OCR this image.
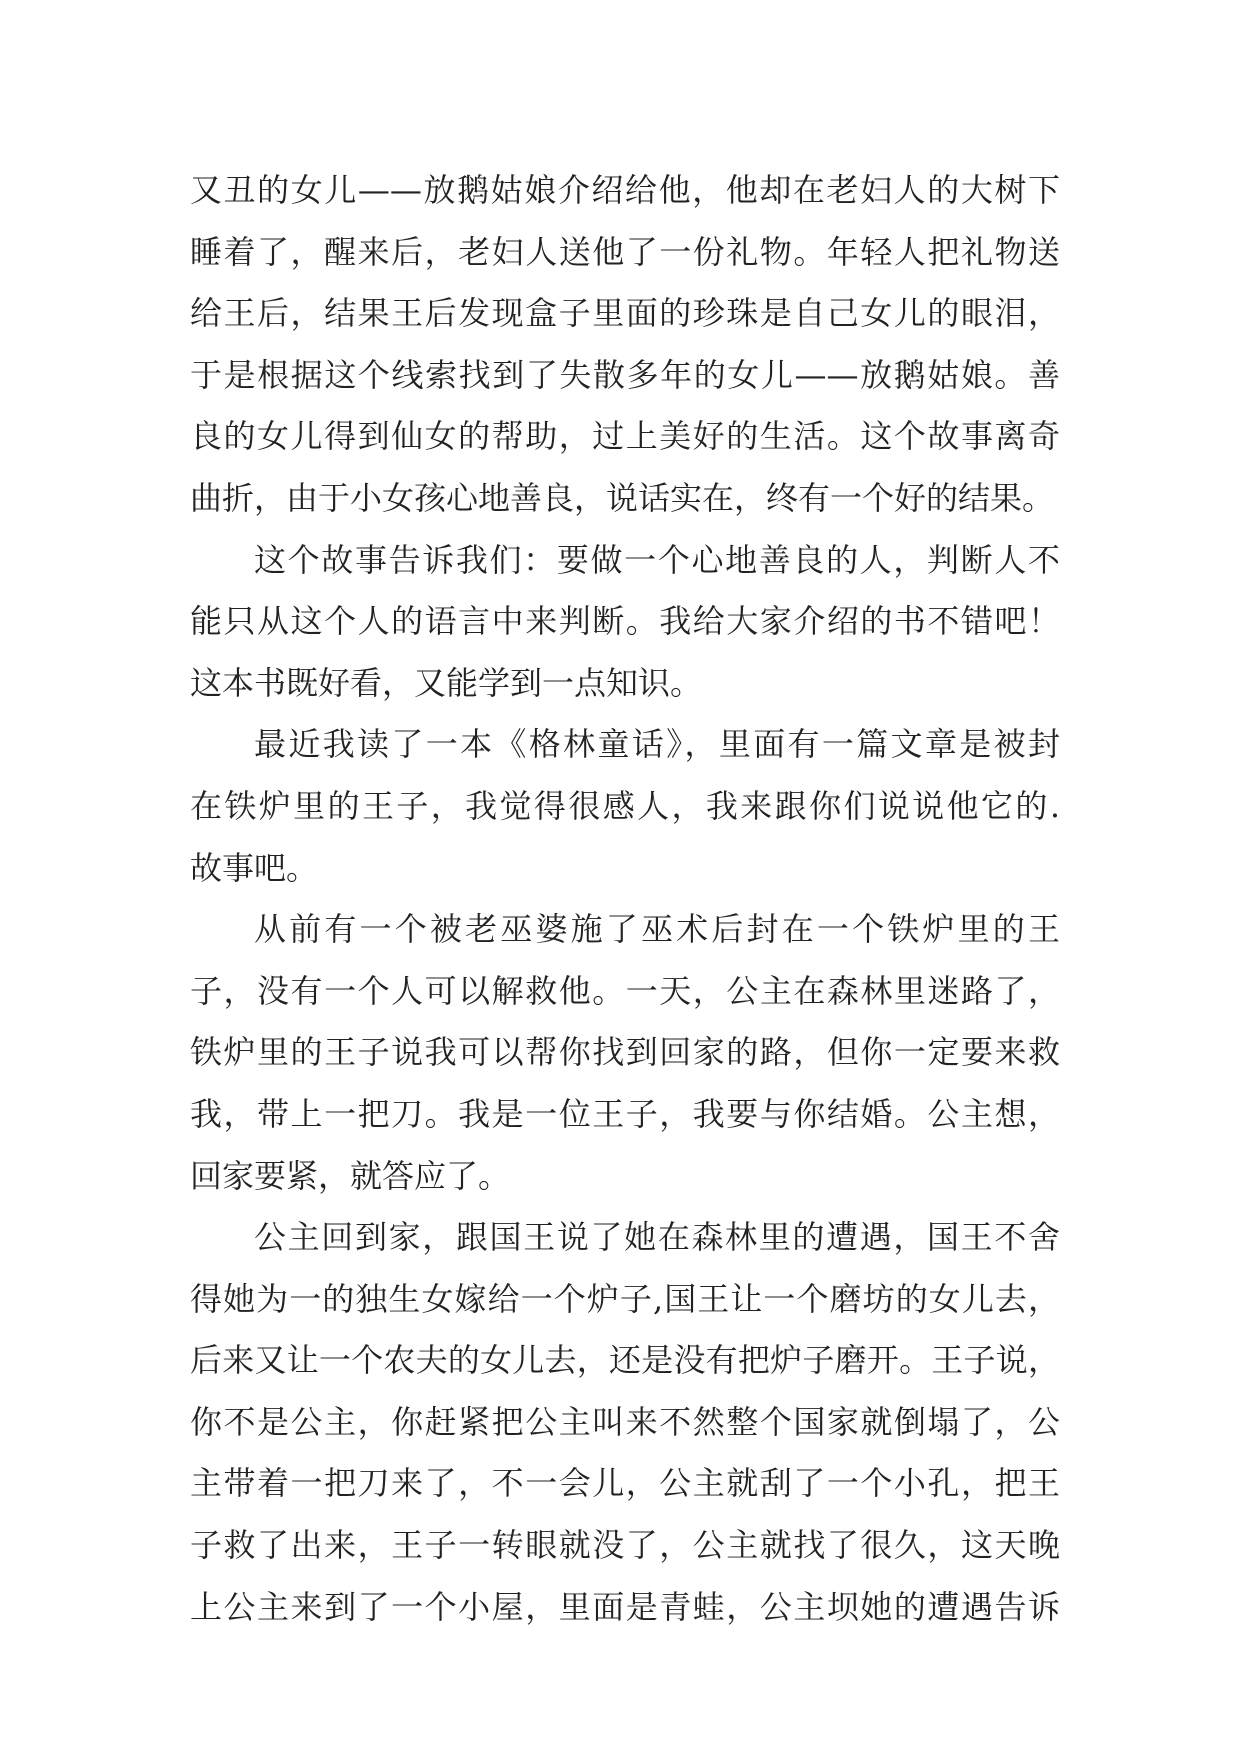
又丑的女儿——放鹅姑娘介绍给他，他却在老妇人的大树下
睡着了，醒来后，老妇人送他了一份礼物。年轻人把礼物送
给王后，结果王后发现盒子里面的珍珠是自己女儿的眼泪，
于是根据这个线索找到了失散多年的女儿——放鹅姑娘。善
良的女儿得到仙女的帮助，过上美好的生活。这个故事离奇
曲折，由于小女孩心地善良，说话实在，终有一个好的结果。
这个故事告诉我们：要做一个心地善良的人，判断人不
能只从这个人的语言中来判断。我给大家介绍的书不错吧！
这本书既好看，又能学到一点知识。
最近我读了一本《格林童话》，里面有一篇文章是被封
在铁炉里的王子，我觉得很感人，我来跟你们说说他它的.
故事吧。
从前有一个被老巫婆施了巫术后封在一个铁炉里的王
子，没有一个人可以解救他。一天，公主在森林里迷路了，
铁炉里的王子说我可以帮你找到回家的路，但你一定要来救
我，带上一把刀。我是一位王子，我要与你结婚。公主想，
回家要紧，就答应了。
公主回到家，跟国王说了她在森林里的遭遇，国王不舍
得她为一的独生女嫁给一个炉子,国王让一个磨坊的女儿去，
后来又让一个农夫的女儿去，还是没有把炉子磨开。王子说，
你不是公主，你赶紧把公主叫来不然整个国家就倒塌了，公
主带着一把刀来了，不一会儿，公主就刮了一个小孔，把王
子救了出来，王子一转眼就没了，公主就找了很久，这天晚
上公主来到了一个小屋，里面是青蛙，公主坝她的遭遇告诉
